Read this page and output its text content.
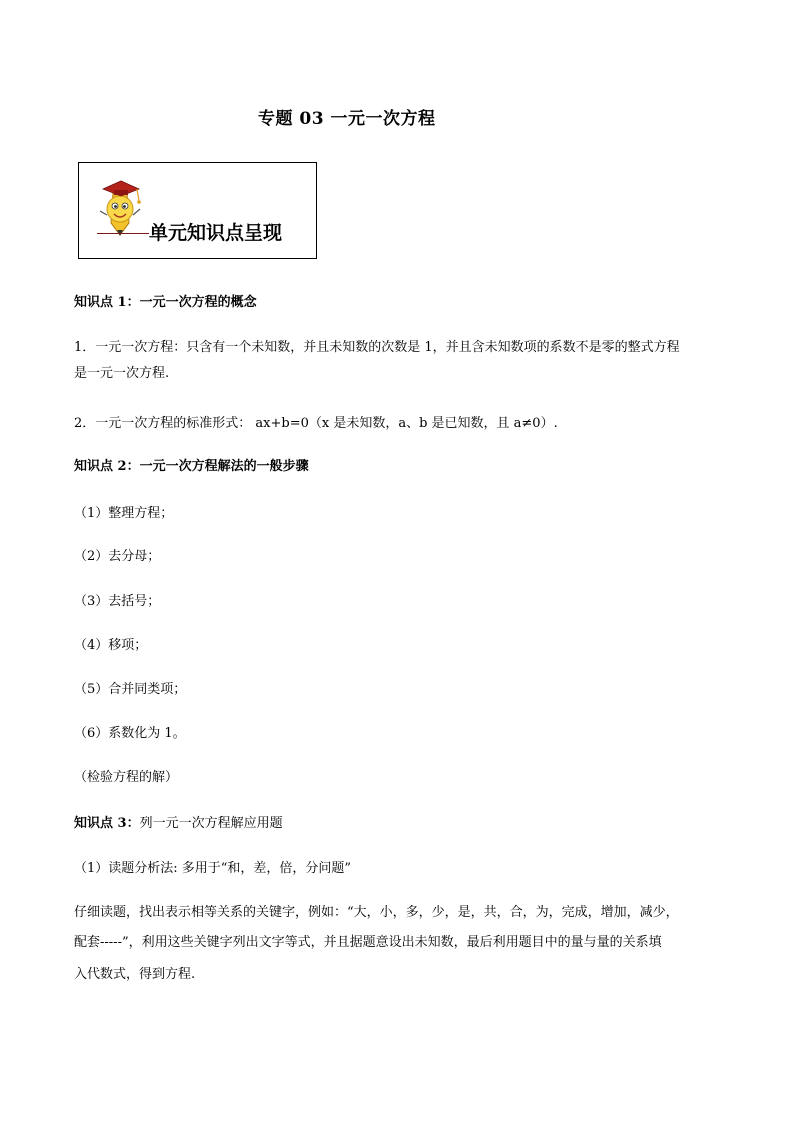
专题 03 一元一次方程
单元知识点呈现
知识点 1：一元一次方程的概念
1．一元一次方程：只含有一个未知数，并且未知数的次数是 1，并且含未知数项的系数不是零的整式方程
是一元一次方程.
2．一元一次方程的标准形式： ax+b=0（x 是未知数，a、b 是已知数，且 a≠0）.
知识点 2：一元一次方程解法的一般步骤
（1）整理方程；
（2）去分母；
（3）去括号；
（4）移项；
（5）合并同类项；
（6）系数化为 1。
（检验方程的解）
知识点 3：列一元一次方程解应用题
（1）读题分析法: 多用于“和，差，倍，分问题”
仔细读题，找出表示相等关系的关键字，例如：“大，小，多，少，是，共，合，为，完成，增加，减少，
配套-----”，利用这些关键字列出文字等式，并且据题意设出未知数，最后利用题目中的量与量的关系填
入代数式，得到方程.
